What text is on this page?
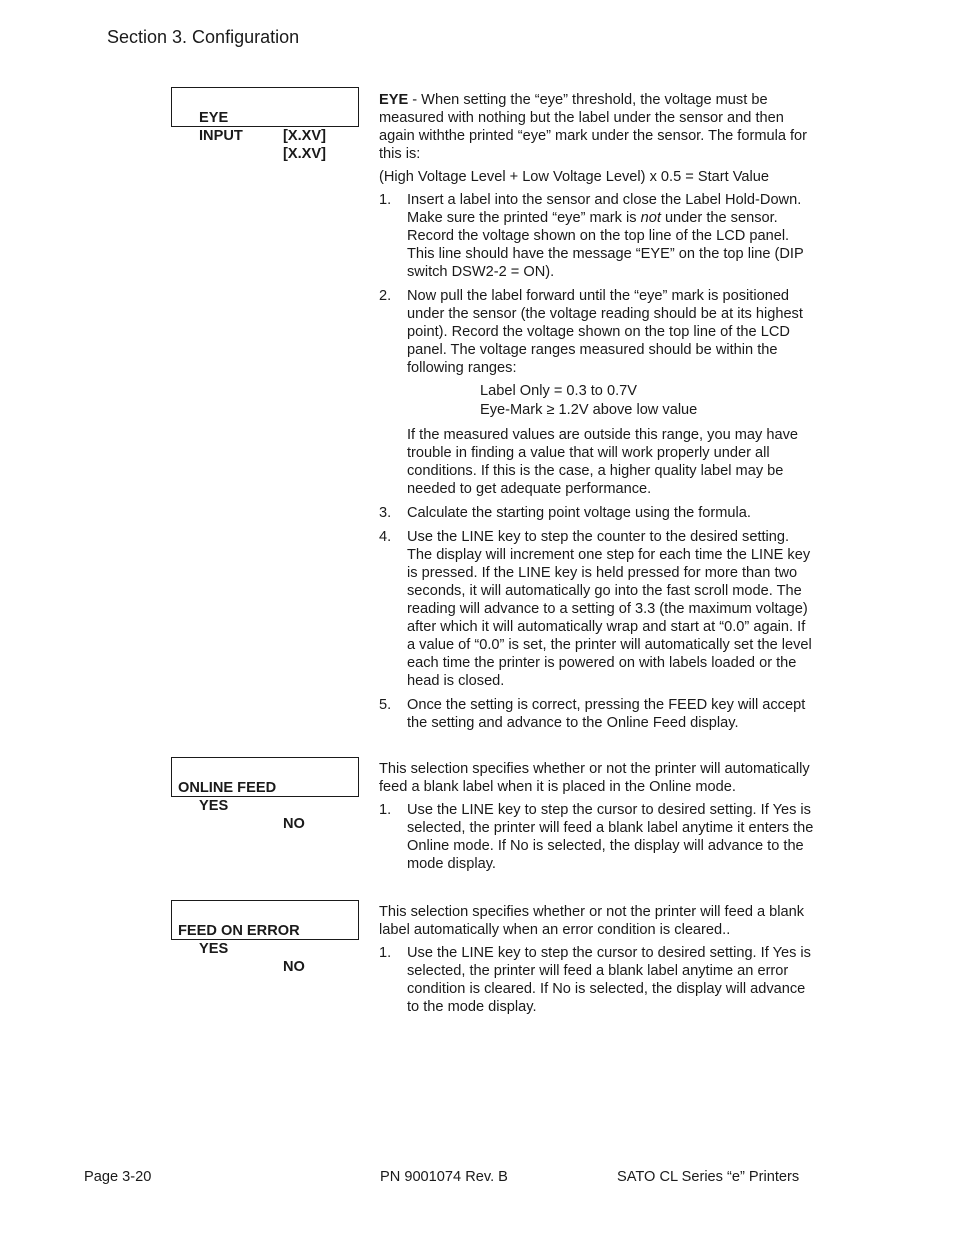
Section 3. Configuration

EYE

[X.XV]

INPUT

[X.XV]

EYE - When setting the “eye” threshold, the voltage must be measured with nothing but the label under the sensor and then again withthe printed “eye” mark under the sensor. The formula for this is:

(High Voltage Level + Low Voltage Level) x 0.5 = Start Value

1. Insert a label into the sensor and close the Label Hold-Down. Make sure the printed “eye” mark is not under the sensor. Record the voltage shown on the top line of the LCD panel. This line should have the message “EYE” on the top line (DIP switch DSW2-2 = ON).
2. Now pull the label forward until the “eye” mark is positioned under the sensor (the voltage reading should be at its highest point). Record the voltage shown on the top line of the LCD panel. The voltage ranges measured should be within the following ranges:
Label Only = 0.3 to 0.7V
Eye-Mark ≥ 1.2V above low value
If the measured values are outside this range, you may have trouble in finding a value that will work properly under all conditions. If this is the case, a higher quality label may be needed to get adequate performance.
3. Calculate the starting point voltage using the formula.
4. Use the LINE key to step the counter to the desired setting. The display will increment one step for each time the LINE key is pressed. If the LINE key is held pressed for more than two seconds, it will automatically go into the fast scroll mode. The reading will advance to a setting of 3.3 (the maximum voltage) after which it will automatically wrap and start at “0.0” again. If a value of “0.0” is set, the printer will automatically set the level each time the printer is powered on with labels loaded or the head is closed.
5. Once the setting is correct, pressing the FEED key will accept the setting and advance to the Online Feed display.

ONLINE FEED

YES

NO

This selection specifies whether or not the printer will automatically feed a blank label when it is placed in the Online mode.

1. Use the LINE key to step the cursor to desired setting. If Yes is selected, the printer will feed a blank label anytime it enters the Online mode. If No is selected, the display will advance to the mode display.

FEED ON ERROR

YES

NO

This selection specifies whether or not the printer will feed a blank label automatically when an error condition is cleared..

1. Use the LINE key to step the cursor to desired setting. If Yes is selected, the printer will feed a blank label anytime an error condition is cleared. If No is selected, the display will advance to the mode display.
Page 3-20	PN 9001074 Rev. B	SATO CL Series “e” Printers
